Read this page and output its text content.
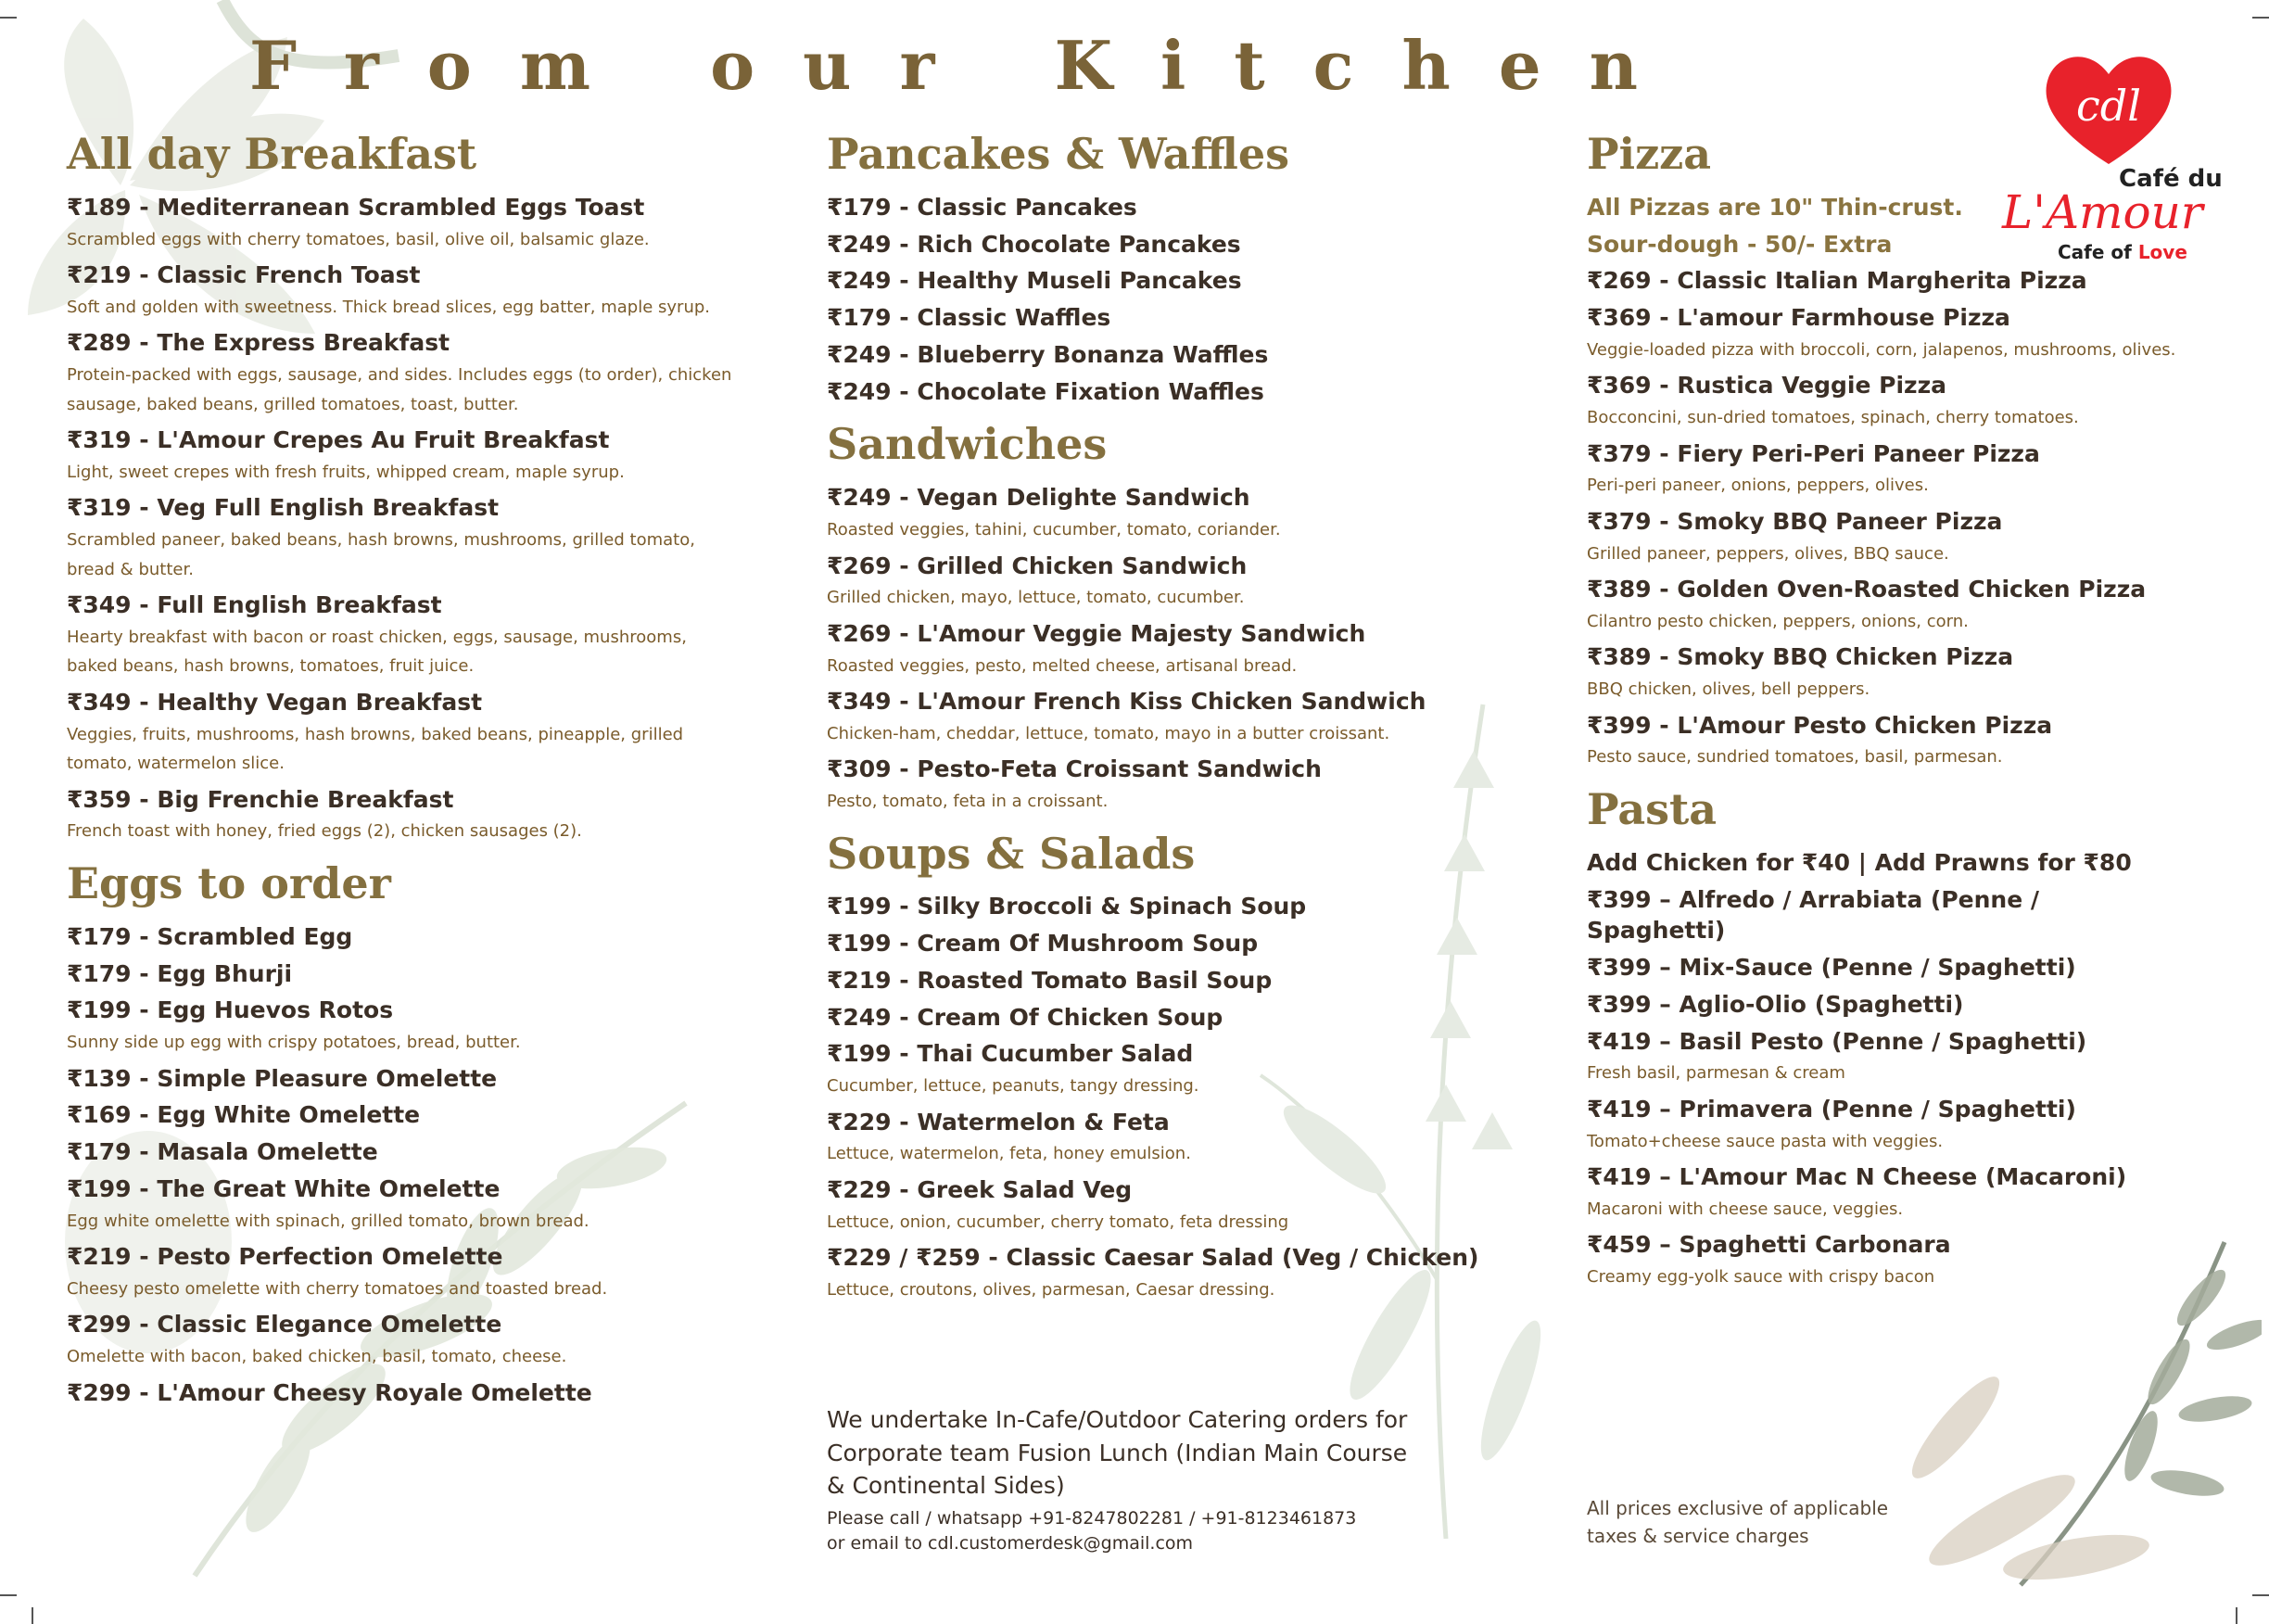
From our Kitchen
cdl
Café du
L'Amour
Cafe of Love
All day Breakfast
₹189 - Mediterranean Scrambled Eggs Toast
Scrambled eggs with cherry tomatoes, basil, olive oil, balsamic glaze.
₹219 - Classic French Toast
Soft and golden with sweetness. Thick bread slices, egg batter, maple syrup.
₹289 - The Express Breakfast
Protein-packed with eggs, sausage, and sides. Includes eggs (to order), chicken sausage, baked beans, grilled tomatoes, toast, butter.
₹319 - L'Amour Crepes Au Fruit Breakfast
Light, sweet crepes with fresh fruits, whipped cream, maple syrup.
₹319 - Veg Full English Breakfast
Scrambled paneer, baked beans, hash browns, mushrooms, grilled tomato, bread & butter.
₹349 - Full English Breakfast
Hearty breakfast with bacon or roast chicken, eggs, sausage, mushrooms, baked beans, hash browns, tomatoes, fruit juice.
₹349 - Healthy Vegan Breakfast
Veggies, fruits, mushrooms, hash browns, baked beans, pineapple, grilled tomato, watermelon slice.
₹359 - Big Frenchie Breakfast
French toast with honey, fried eggs (2), chicken sausages (2).
Eggs to order
₹179 - Scrambled Egg
₹179 - Egg Bhurji
₹199 - Egg Huevos Rotos
Sunny side up egg with crispy potatoes, bread, butter.
₹139 - Simple Pleasure Omelette
₹169 - Egg White Omelette
₹179 - Masala Omelette
₹199 - The Great White Omelette
Egg white omelette with spinach, grilled tomato, brown bread.
₹219 - Pesto Perfection Omelette
Cheesy pesto omelette with cherry tomatoes and toasted bread.
₹299 - Classic Elegance Omelette
Omelette with bacon, baked chicken, basil, tomato, cheese.
₹299 - L'Amour Cheesy Royale Omelette
Pancakes & Waffles
₹179 - Classic Pancakes
₹249 - Rich Chocolate Pancakes
₹249 - Healthy Museli Pancakes
₹179 - Classic Waffles
₹249 - Blueberry Bonanza Waffles
₹249 - Chocolate Fixation Waffles
Sandwiches
₹249 - Vegan Delighte Sandwich
Roasted veggies, tahini, cucumber, tomato, coriander.
₹269 - Grilled Chicken Sandwich
Grilled chicken, mayo, lettuce, tomato, cucumber.
₹269 - L'Amour Veggie Majesty Sandwich
Roasted veggies, pesto, melted cheese, artisanal bread.
₹349 - L'Amour French Kiss Chicken Sandwich
Chicken-ham, cheddar, lettuce, tomato, mayo in a butter croissant.
₹309 - Pesto-Feta Croissant Sandwich
Pesto, tomato, feta in a croissant.
Soups & Salads
₹199 - Silky Broccoli & Spinach Soup
₹199 - Cream Of Mushroom Soup
₹219 - Roasted Tomato Basil Soup
₹249 - Cream Of Chicken Soup
₹199 - Thai Cucumber Salad
Cucumber, lettuce, peanuts, tangy dressing.
₹229 - Watermelon & Feta
Lettuce, watermelon, feta, honey emulsion.
₹229 - Greek Salad Veg
Lettuce, onion, cucumber, cherry tomato, feta dressing
₹229 / ₹259 - Classic Caesar Salad (Veg / Chicken)
Lettuce, croutons, olives, parmesan, Caesar dressing.
Pizza
All Pizzas are 10" Thin-crust.
Sour-dough - 50/- Extra
₹269 - Classic Italian Margherita Pizza
₹369 - L'amour Farmhouse Pizza
Veggie-loaded pizza with broccoli, corn, jalapenos, mushrooms, olives.
₹369 - Rustica Veggie Pizza
Bocconcini, sun-dried tomatoes, spinach, cherry tomatoes.
₹379 - Fiery Peri-Peri Paneer Pizza
Peri-peri paneer, onions, peppers, olives.
₹379 - Smoky BBQ Paneer Pizza
Grilled paneer, peppers, olives, BBQ sauce.
₹389 - Golden Oven-Roasted Chicken Pizza
Cilantro pesto chicken, peppers, onions, corn.
₹389 - Smoky BBQ Chicken Pizza
BBQ chicken, olives, bell peppers.
₹399 - L'Amour Pesto Chicken Pizza
Pesto sauce, sundried tomatoes, basil, parmesan.
Pasta
Add Chicken for ₹40 | Add Prawns for ₹80
₹399 – Alfredo / Arrabiata (Penne / Spaghetti)
₹399 – Mix-Sauce (Penne / Spaghetti)
₹399 – Aglio-Olio (Spaghetti)
₹419 – Basil Pesto (Penne / Spaghetti)
Fresh basil, parmesan & cream
₹419 – Primavera (Penne / Spaghetti)
Tomato+cheese sauce pasta with veggies.
₹419 – L'Amour Mac N Cheese (Macaroni)
Macaroni with cheese sauce, veggies.
₹459 – Spaghetti Carbonara
Creamy egg-yolk sauce with crispy bacon
We undertake In-Cafe/Outdoor Catering orders for Corporate team Fusion Lunch (Indian Main Course & Continental Sides)
Please call / whatsapp +91-8247802281 / +91-8123461873
or email to cdl.customerdesk@gmail.com
All prices exclusive of applicable taxes & service charges
